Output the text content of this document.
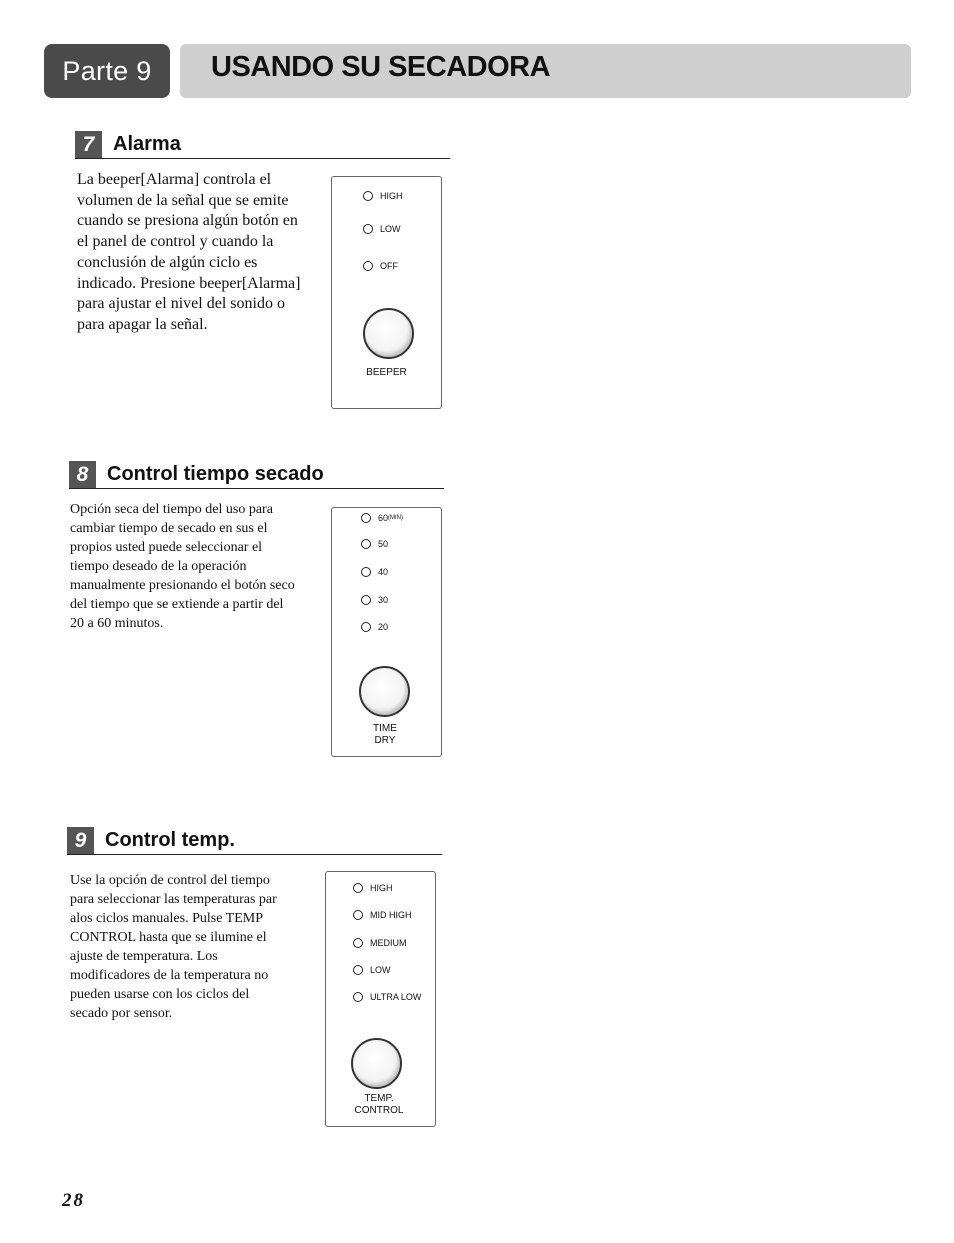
Parte 9 USANDO SU SECADORA
7 Alarma
La beeper[Alarma] controla el
volumen de la señal que se emite
cuando se presiona algún botón en
el panel de control y cuando la
conclusión de algún ciclo es
indicado. Presione beeper[Alarma]
para ajustar el nivel del sonido o
para apagar la señal.
HIGH
LOW
OFF
BEEPER
8 Control tiempo secado
Opción seca del tiempo del uso para
cambiar tiempo de secado en sus el
propios usted puede seleccionar el
tiempo deseado de la operación
manualmente presionando el botón seco
del tiempo que se extiende a partir del
20 a 60 minutos.
60 (MIN)
50
40
30
20
TIME
DRY
9 Control temp.
Use la opción de control del tiempo
para seleccionar las temperaturas par
alos ciclos manuales. Pulse TEMP
CONTROL hasta que se ilumine el
ajuste de temperatura. Los
modificadores de la temperatura no
pueden usarse con los ciclos del
secado por sensor.
HIGH
MID HIGH
MEDIUM
LOW
ULTRA LOW
TEMP.
CONTROL
28
